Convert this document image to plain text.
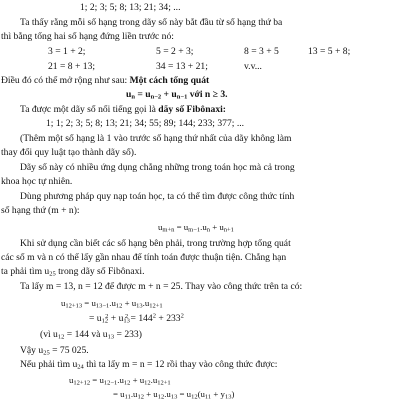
1; 2; 3; 5; 8; 13; 21; 34; ...
Ta thấy rằng mỗi số hạng trong dãy số này bắt đầu từ số hạng thứ ba
thì bằng tổng hai số hạng đứng liền trước nó:
3 = 1 + 2;	5 = 2 + 3;	8 = 3 + 5	13 = 5 + 8;
21 = 8 + 13;	34 = 13 + 21;	v.v...
Điều đó có thể mở rộng như sau: Một cách tổng quát
$u_n = u_{n-2} + u_{n-1}$ với n ≥ 3.
Ta được một dãy số nổi tiếng gọi là dãy số Fibônaxi:
1; 1; 2; 3; 5; 8; 13; 21; 34; 55; 89; 144; 233; 377; ...
(Thêm một số hạng là 1 vào trước số hạng thứ nhất của dãy không làm
thay đổi quy luật tạo thành dãy số).
Dãy số này có nhiều ứng dụng chẳng những trong toán học mà cả trong
khoa học tự nhiên.
Dùng phương pháp quy nạp toán học, ta có thể tìm được công thức tính
số hạng thứ (m + n):
$u_{m+n} = u_{m-1}.u_n + u_{n+1}$
Khi sử dụng cần biết các số hạng bên phải, trong trường hợp tổng quát
các số m và n có thể lấy gần nhau để tính toán được thuận tiện. Chẳng hạn
ta phải tìm $u_{25}$ trong dãy số Fibônaxi.
Ta lấy m = 13, n = 12 để được m + n = 25. Thay vào công thức trên ta có:
$u_{12+13} = u_{13-1}.u_{12} + u_{13}.u_{12+1}$
= $u_{12}^2 + u_{13}^2 = 144^2 + 233^2$
(vì $u_{12} = 144$ và $u_{13} = 233$)
Vậy $u_{25} = 75$ 025.
Nếu phải tìm $u_{24}$ thì ta lấy m = n = 12 rồi thay vào công thức được:
$u_{12+12} = u_{12-1}.u_{12} + u_{12}.u_{12+1}$
= $u_{11}.u_{12} + u_{12}.u_{13} = u_{12}(u_{11} + y_{13})$
